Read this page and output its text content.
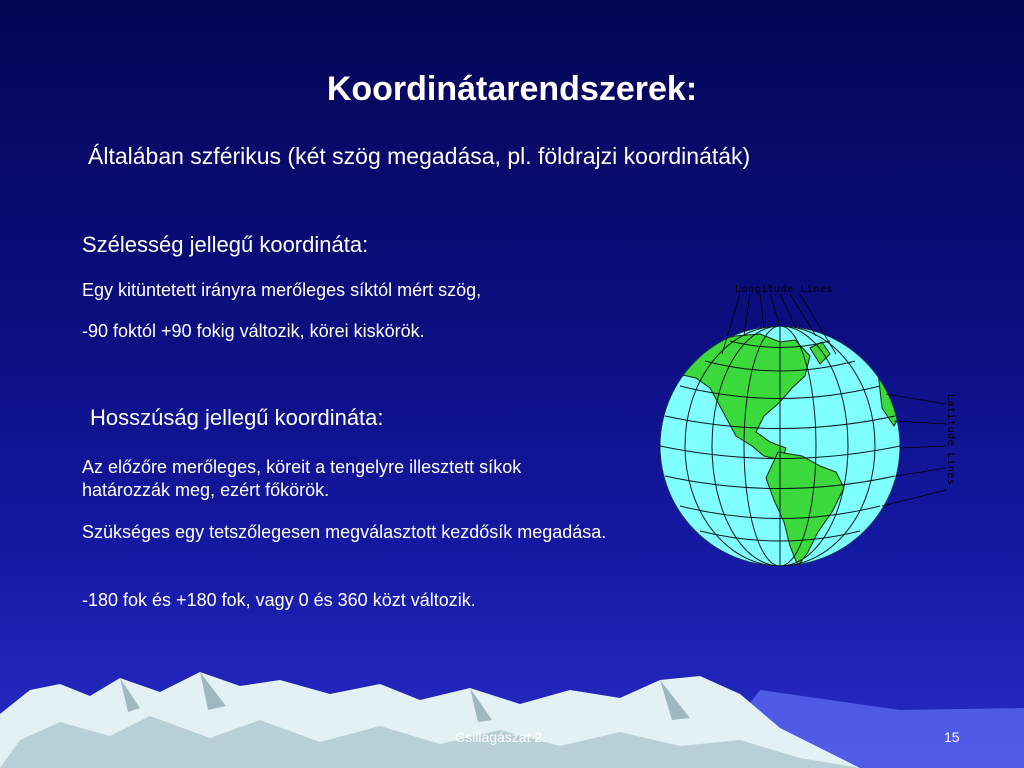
Koordinátarendszerek:

Általában szférikus (két szög megadása, pl. földrajzi koordináták)

Szélesség jellegű koordináta:

Egy kitüntetett irányra merőleges síktól mért szög,

-90 foktól +90 fokig változik, körei kiskörök.

Hosszúság jellegű koordináta:

Az előzőre merőleges, köreit a tengelyre illesztett síkok határozzák meg, ezért főkörök.

Szükséges egy tetszőlegesen megválasztott kezdősík megadása.

-180 fok és +180 fok, vagy 0 és 360 közt változik.

Longitude Lines
Latitude Lines
Csillagászat 2.	15
